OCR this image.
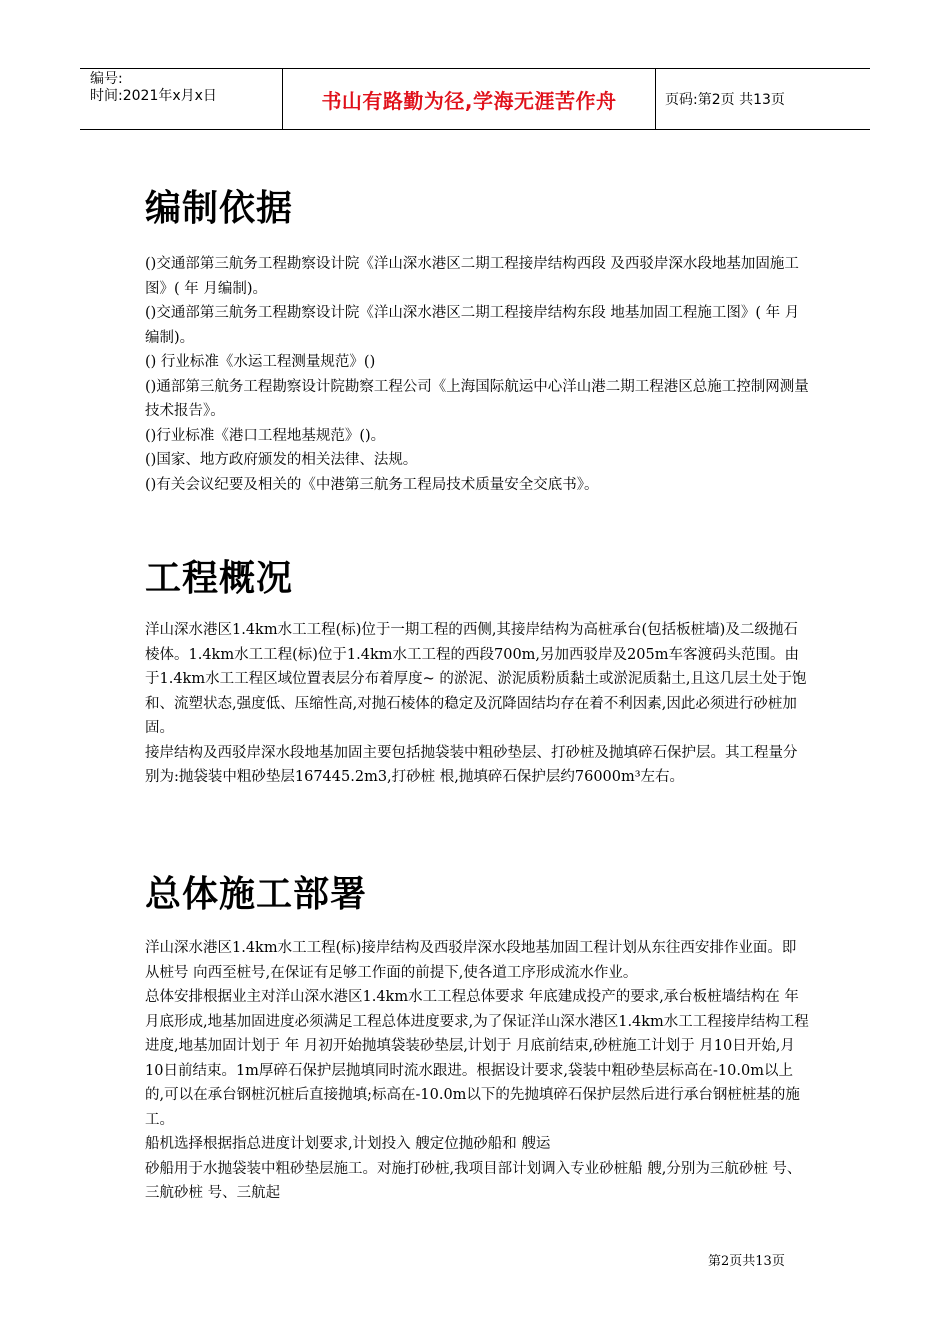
编号:
时间:2021年x月x日	书山有路勤为径,学海无涯苦作舟	页码:第2页 共13页
编制依据

()交通部第三航务工程勘察设计院《洋山深水港区二期工程接岸结构西段 及西驳岸深水段地基加固施工图》( 年 月编制)。

()交通部第三航务工程勘察设计院《洋山深水港区二期工程接岸结构东段 地基加固工程施工图》( 年 月编制)。

() 行业标准《水运工程测量规范》()

()通部第三航务工程勘察设计院勘察工程公司《上海国际航运中心洋山港二期工程港区总施工控制网测量技术报告》。

()行业标准《港口工程地基规范》()。

()国家、地方政府颁发的相关法律、法规。

()有关会议纪要及相关的《中港第三航务工程局技术质量安全交底书》。

工程概况

洋山深水港区1.4km水工工程(标)位于一期工程的西侧,其接岸结构为高桩承台(包括板桩墙)及二级抛石棱体。1.4km水工工程(标)位于1.4km水工工程的西段700m,另加西驳岸及205m车客渡码头范围。由于1.4km水工工程区域位置表层分布着厚度~ 的淤泥、淤泥质粉质黏土或淤泥质黏土,且这几层土处于饱和、流塑状态,强度低、压缩性高,对抛石棱体的稳定及沉降固结均存在着不利因素,因此必须进行砂桩加固。

接岸结构及西驳岸深水段地基加固主要包括抛袋装中粗砂垫层、打砂桩及抛填碎石保护层。其工程量分别为:抛袋装中粗砂垫层167445.2m3,打砂桩 根,抛填碎石保护层约76000m³左右。

总体施工部署

洋山深水港区1.4km水工工程(标)接岸结构及西驳岸深水段地基加固工程计划从东往西安排作业面。即从桩号 向西至桩号,在保证有足够工作面的前提下,使各道工序形成流水作业。

总体安排根据业主对洋山深水港区1.4km水工工程总体要求 年底建成投产的要求,承台板桩墙结构在 年 月底形成,地基加固进度必须满足工程总体进度要求,为了保证洋山深水港区1.4km水工工程接岸结构工程进度,地基加固计划于 年 月初开始抛填袋装砂垫层,计划于 月底前结束,砂桩施工计划于 月10日开始,月10日前结束。1m厚碎石保护层抛填同时流水跟进。根据设计要求,袋装中粗砂垫层标高在-10.0m以上的,可以在承台钢桩沉桩后直接抛填;标高在-10.0m以下的先抛填碎石保护层然后进行承台钢桩桩基的施工。

船机选择根据指总进度计划要求,计划投入 艘定位抛砂船和 艘运

砂船用于水抛袋装中粗砂垫层施工。对施打砂桩,我项目部计划调入专业砂桩船 艘,分别为三航砂桩 号、三航砂桩 号、三航起

第2页共13页
